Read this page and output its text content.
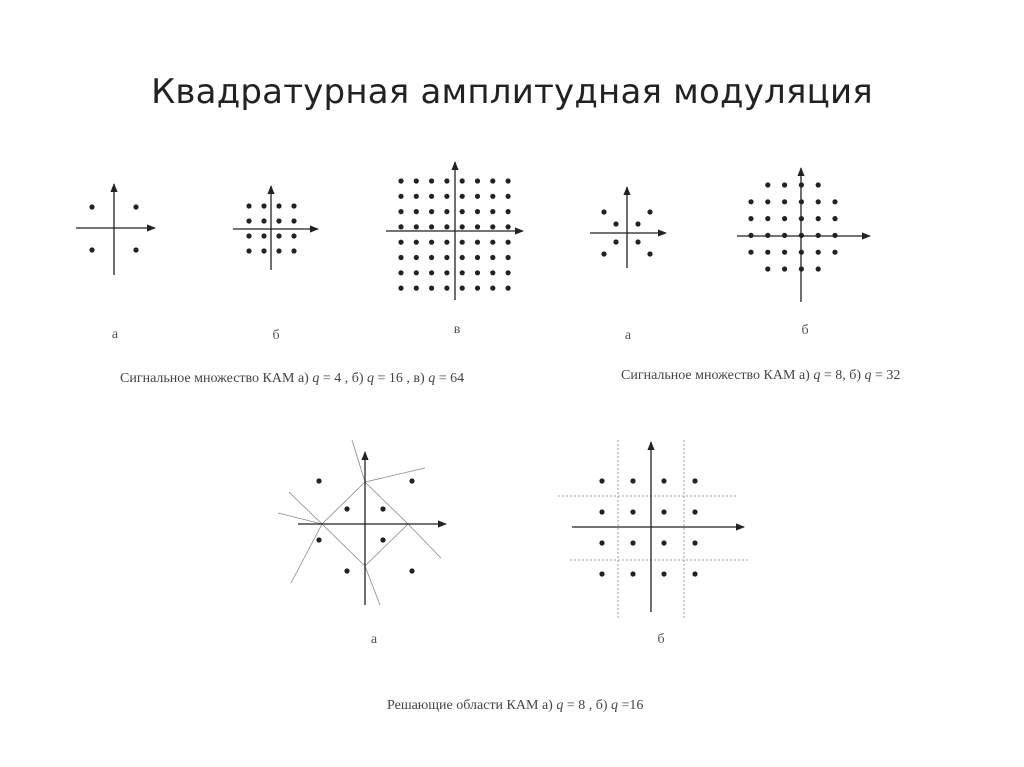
Квадратурная амплитудная модуляция
а	б	в	а	б
а	б
Сигнальное множество КАМ а) q = 4 , б) q = 16 , в) q = 64	Сигнальное множество КАМ а) q = 8, б) q = 32
Решающие области КАМ а) q = 8 , б) q =16
